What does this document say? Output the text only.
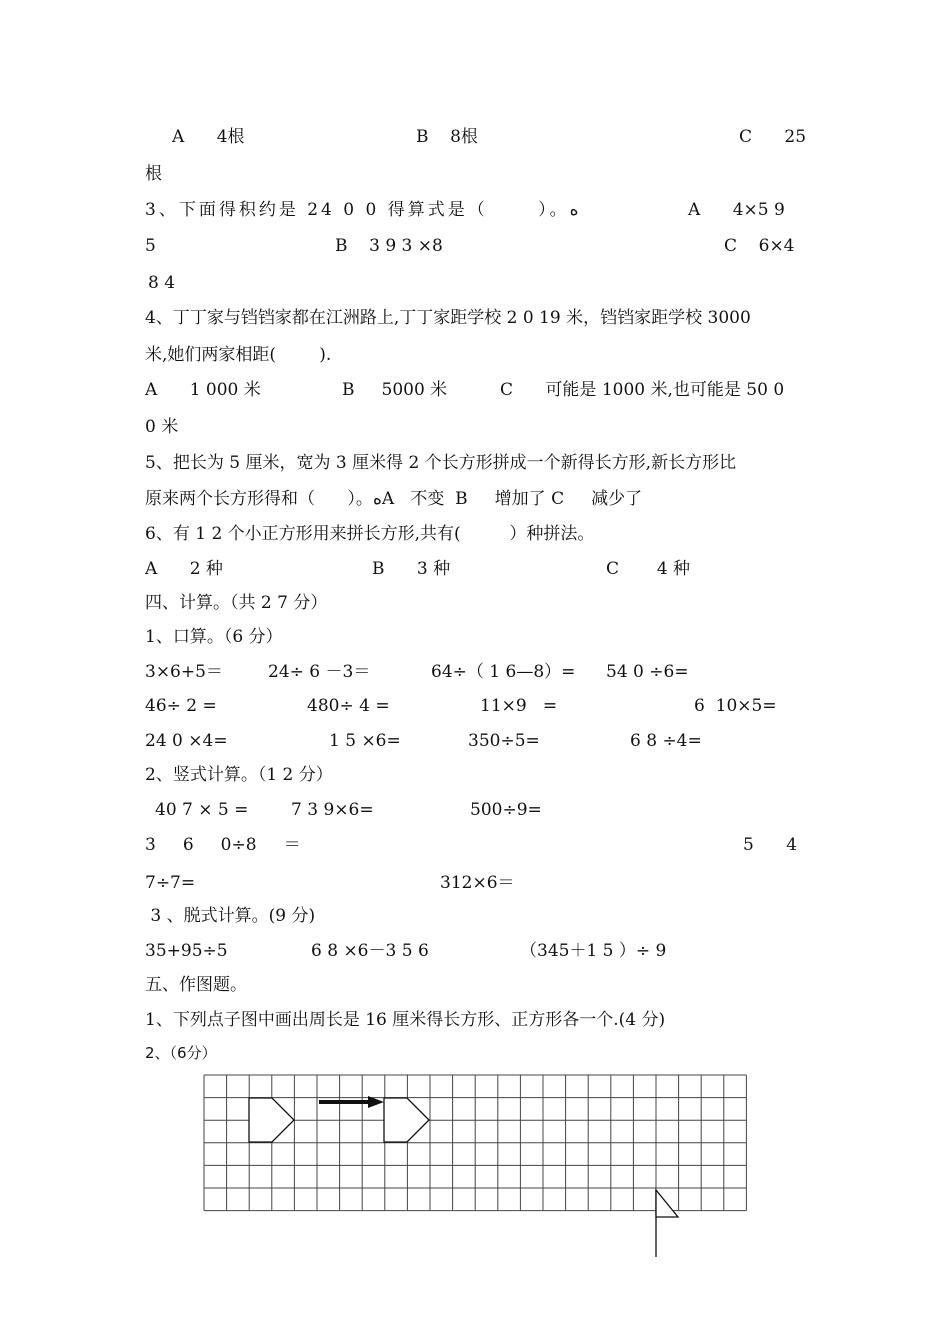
A      4根	B    8根	C      25
根
3、下面得积约是 24 0 0 得算式是（      ）。ه	A      4×5 9
5	B    3 9 3 ×8	C    6×4
8 4
4、丁丁家与铛铛家都在江洲路上,丁丁家距学校 2 0 19 米，铛铛家距学校 3000
米,她们两家相距(        ).
A      1 000 米	B     5000 米	C      可能是 1000 米,也可能是 50 0
0 米
5、把长为 5 厘米，宽为 3 厘米得 2 个长方形拼成一个新得长方形,新长方形比
原来两个长方形得和（      ）。هA   不变  B     增加了 C     减少了
6、有 1 2 个小正方形用来拼长方形,共有(         ）种拼法。
A      2 种	B      3 种	C       4 种
四、计算。（共 2 7 分）
1、口算。（6 分）
3×6+5＝	24÷ 6 －3＝	64÷（ 1 6—8）= 54 0 ÷6=
46÷ 2 =	480÷ 4 =	11×9   =	6  10×5=
24 0 ×4=	1 5 ×6=	350÷5=	6 8 ÷4=
2、竖式计算。（1 2 分）
40 7 × 5 =	7 3 9×6=	500÷9=
3     6     0÷8     ＝	5      4
7÷7=	312×6＝
3 、脱式计算。(9 分)
35+95÷5	6 8 ×6－3 5 6	（345＋1 5 ）÷ 9
五、作图题。
1、下列点子图中画出周长是 16 厘米得长方形、正方形各一个.(4 分)
2、（6分）
